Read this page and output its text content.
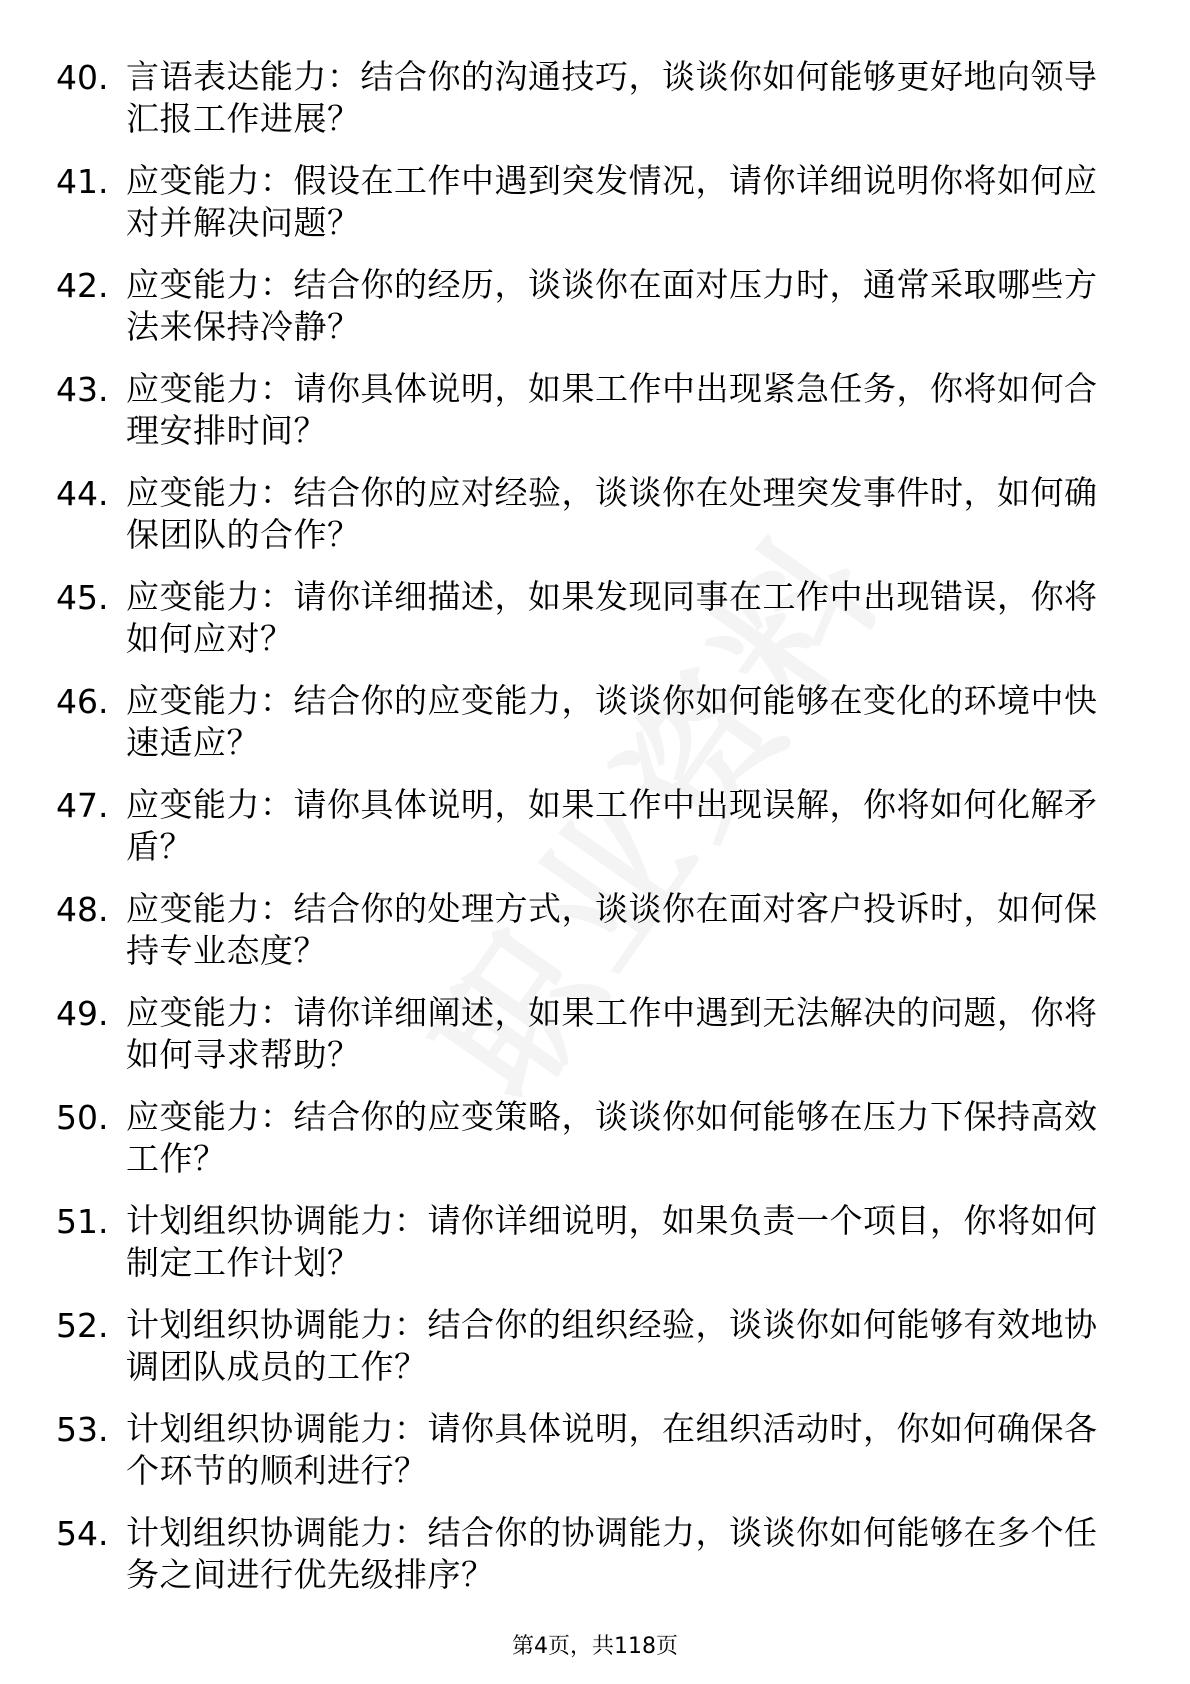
40. 言语表达能力：结合你的沟通技巧，谈谈你如何能够更好地向领导汇报工作进展？
41. 应变能力：假设在工作中遇到突发情况，请你详细说明你将如何应对并解决问题？
42. 应变能力：结合你的经历，谈谈你在面对压力时，通常采取哪些方法来保持冷静？
43. 应变能力：请你具体说明，如果工作中出现紧急任务，你将如何合理安排时间？
44. 应变能力：结合你的应对经验，谈谈你在处理突发事件时，如何确保团队的合作？
45. 应变能力：请你详细描述，如果发现同事在工作中出现错误，你将如何应对？
46. 应变能力：结合你的应变能力，谈谈你如何能够在变化的环境中快速适应？
47. 应变能力：请你具体说明，如果工作中出现误解，你将如何化解矛盾？
48. 应变能力：结合你的处理方式，谈谈你在面对客户投诉时，如何保持专业态度？
49. 应变能力：请你详细阐述，如果工作中遇到无法解决的问题，你将如何寻求帮助？
50. 应变能力：结合你的应变策略，谈谈你如何能够在压力下保持高效工作？
51. 计划组织协调能力：请你详细说明，如果负责一个项目，你将如何制定工作计划？
52. 计划组织协调能力：结合你的组织经验，谈谈你如何能够有效地协调团队成员的工作？
53. 计划组织协调能力：请你具体说明，在组织活动时，你如何确保各个环节的顺利进行？
54. 计划组织协调能力：结合你的协调能力，谈谈你如何能够在多个任务之间进行优先级排序？
第4页，共118页
